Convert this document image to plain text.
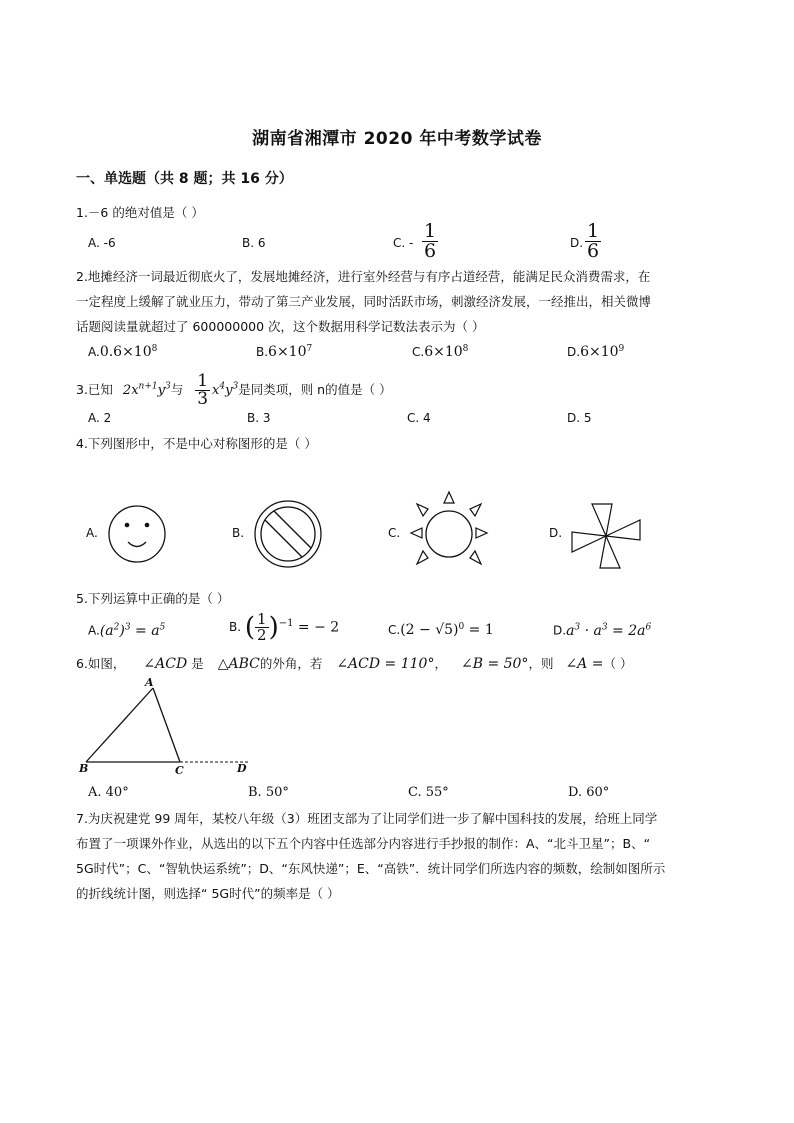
湖南省湘潭市 2020 年中考数学试卷
一、单选题（共 8 题；共 16 分）
1.－6 的绝对值是（ ）
A. -6	B. 6	C. - $\frac{1}{6}$	D. $\frac{1}{6}$
2.地摊经济一词最近彻底火了，发展地摊经济，进行室外经营与有序占道经营，能满足民众消费需求，在
一定程度上缓解了就业压力，带动了第三产业发展，同时活跃市场，刺激经济发展，一经推出，相关微博
话题阅读量就超过了 600000000 次，这个数据用科学记数法表示为（ ）
$A.0.6\times 10^8$	$B.6\times 10^7$	$C.6\times 10^8$	$D.6\times 10^9$
3.已知 $2x^{n+1}y^3$与 $\frac{1}{3} x^4y^3$是同类项，则 n的值是（ ）
A. 2	B. 3	C. 4	D. 5
4.下列图形中，不是中心对称图形的是（ ）
A.	B.	C.	D.
5.下列运算中正确的是（ ）
$A.(a^2)^3 = a^5$	B. ( $\frac{1}{2} )^{-1}$ = − 2	$C.(2 - √5)^0 = 1$	$D.a^3 \cdot a^3 = 2a^6$
6.如图， ∠ACD 是 △ABC的外角，若 ∠ACD = 110°， ∠B = 50°，则 ∠A =（ ）
A
B	C	D
A. 40°	B. 50°	C. 55°	D. 60°
7.为庆祝建党 99 周年，某校八年级（3）班团支部为了让同学们进一步了解中国科技的发展，给班上同学
布置了一项课外作业，从选出的以下五个内容中任选部分内容进行手抄报的制作：A、“北斗卫星”；B、“
5G时代”；C、“智轨快运系统”；D、“东风快递”；E、“高铁”．统计同学们所选内容的频数，绘制如图所示
的折线统计图，则选择“ 5G时代”的频率是（ ）
